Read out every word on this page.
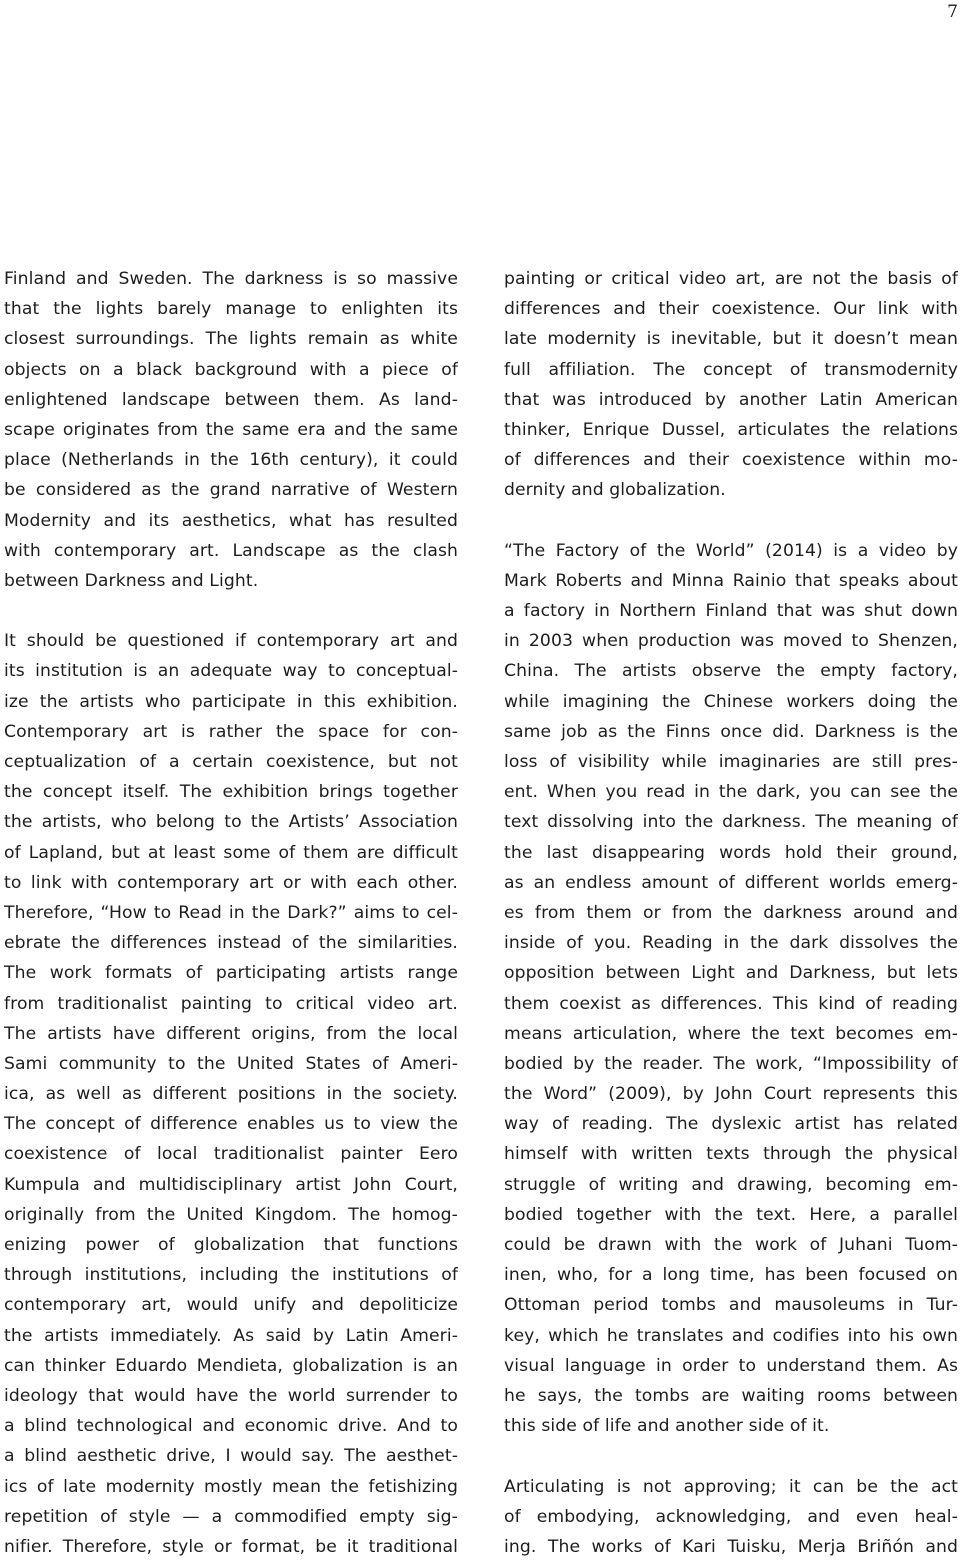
7
Finland and Sweden. The darkness is so massive
that the lights barely manage to enlighten its
closest surroundings. The lights remain as white
objects on a black background with a piece of
enlightened landscape between them. As land-
scape originates from the same era and the same
place (Netherlands in the 16th century), it could
be considered as the grand narrative of Western
Modernity and its aesthetics, what has resulted
with contemporary art. Landscape as the clash
between Darkness and Light.
It should be questioned if contemporary art and
its institution is an adequate way to conceptual-
ize the artists who participate in this exhibition.
Contemporary art is rather the space for con-
ceptualization of a certain coexistence, but not
the concept itself. The exhibition brings together
the artists, who belong to the Artists’ Association
of Lapland, but at least some of them are difficult
to link with contemporary art or with each other.
Therefore, “How to Read in the Dark?” aims to cel-
ebrate the differences instead of the similarities.
The work formats of participating artists range
from traditionalist painting to critical video art.
The artists have different origins, from the local
Sami community to the United States of Ameri-
ica, as well as different positions in the society.
The concept of difference enables us to view the
coexistence of local traditionalist painter Eero
Kumpula and multidisciplinary artist John Court,
originally from the United Kingdom. The homog-
enizing power of globalization that functions
through institutions, including the institutions of
contemporary art, would unify and depoliticize
the artists immediately. As said by Latin Ameri-
can thinker Eduardo Mendieta, globalization is an
ideology that would have the world surrender to
a blind technological and economic drive. And to
a blind aesthetic drive, I would say. The aesthet-
ics of late modernity mostly mean the fetishizing
repetition of style — a commodified empty sig-
nifier. Therefore, style or format, be it traditional
painting or critical video art, are not the basis of
differences and their coexistence. Our link with
late modernity is inevitable, but it doesn’t mean
full affiliation. The concept of transmodernity
that was introduced by another Latin American
thinker, Enrique Dussel, articulates the relations
of differences and their coexistence within mo-
dernity and globalization.
“The Factory of the World” (2014) is a video by
Mark Roberts and Minna Rainio that speaks about
a factory in Northern Finland that was shut down
in 2003 when production was moved to Shenzen,
China. The artists observe the empty factory,
while imagining the Chinese workers doing the
same job as the Finns once did. Darkness is the
loss of visibility while imaginaries are still pres-
ent. When you read in the dark, you can see the
text dissolving into the darkness. The meaning of
the last disappearing words hold their ground,
as an endless amount of different worlds emerg-
es from them or from the darkness around and
inside of you. Reading in the dark dissolves the
opposition between Light and Darkness, but lets
them coexist as differences. This kind of reading
means articulation, where the text becomes em-
bodied by the reader. The work, “Impossibility of
the Word” (2009), by John Court represents this
way of reading. The dyslexic artist has related
himself with written texts through the physical
struggle of writing and drawing, becoming em-
bodied together with the text. Here, a parallel
could be drawn with the work of Juhani Tuom-
inen, who, for a long time, has been focused on
Ottoman period tombs and mausoleums in Tur-
key, which he translates and codifies into his own
visual language in order to understand them. As
he says, the tombs are waiting rooms between
this side of life and another side of it.
Articulating is not approving; it can be the act
of embodying, acknowledging, and even heal-
ing. The works of Kari Tuisku, Merja Briñón and
